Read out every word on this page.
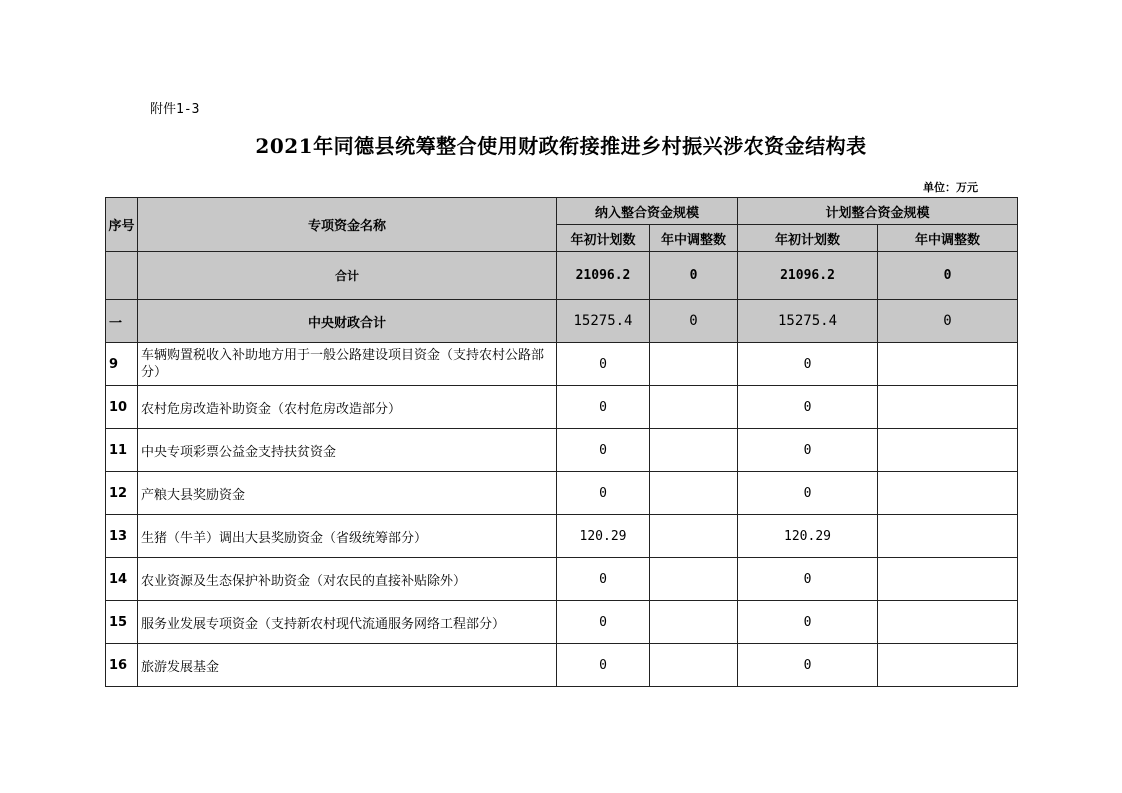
附件1-3
2021年同德县统筹整合使用财政衔接推进乡村振兴涉农资金结构表
单位：万元
序号	专项资金名称	纳入整合资金规模		计划整合资金规模	
		年初计划数	年中调整数	年初计划数	年中调整数
	合计	21096.2	0	21096.2	0
一	中央财政合计	15275.4	0	15275.4	0
9	车辆购置税收入补助地方用于一般公路建设项目资金（支持农村公路部分）	0		0	
10	农村危房改造补助资金（农村危房改造部分）	0		0	
11	中央专项彩票公益金支持扶贫资金	0		0	
12	产粮大县奖励资金	0		0	
13	生猪（牛羊）调出大县奖励资金（省级统筹部分）	120.29		120.29	
14	农业资源及生态保护补助资金（对农民的直接补贴除外）	0		0	
15	服务业发展专项资金（支持新农村现代流通服务网络工程部分）	0		0	
16	旅游发展基金	0		0	
